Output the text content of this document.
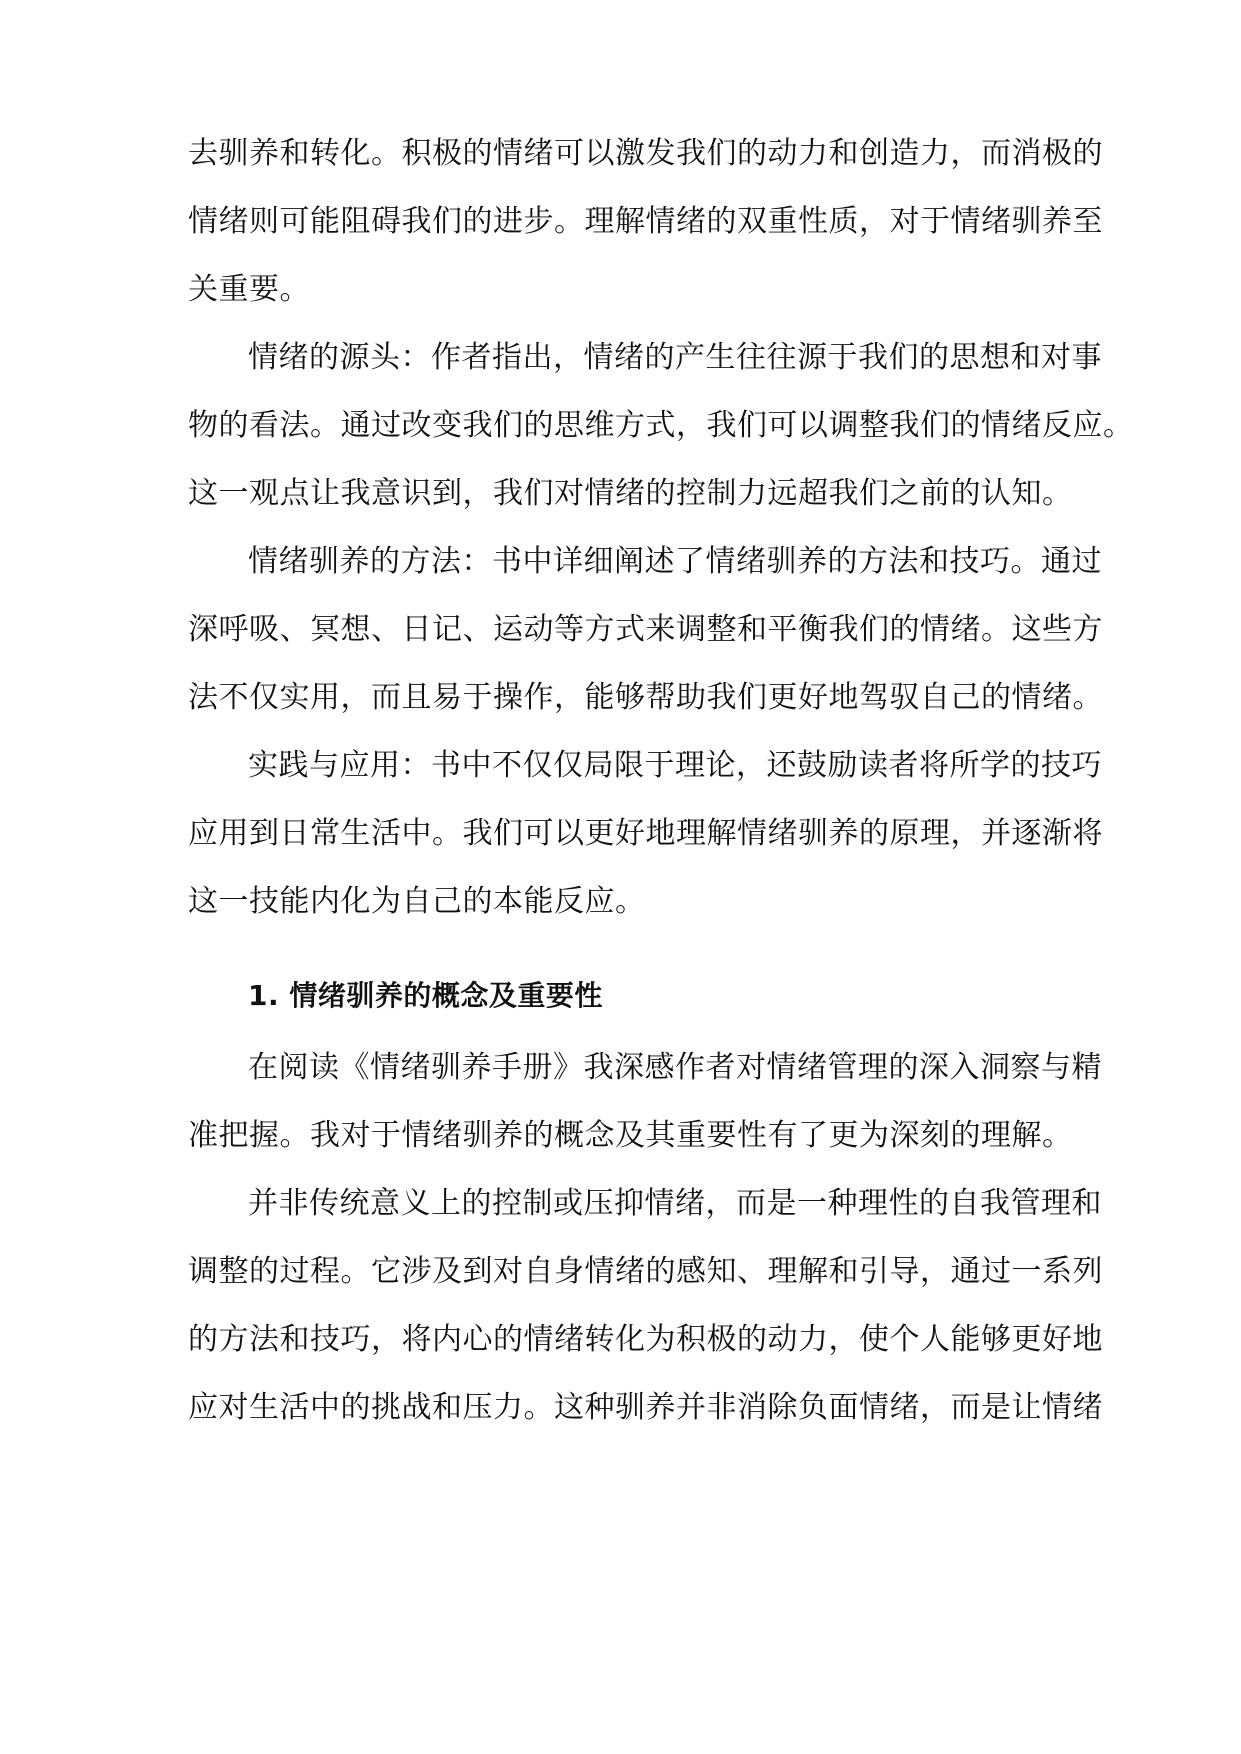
去驯养和转化。积极的情绪可以激发我们的动力和创造力，而消极的
情绪则可能阻碍我们的进步。理解情绪的双重性质，对于情绪驯养至
关重要。
情绪的源头：作者指出，情绪的产生往往源于我们的思想和对事
物的看法。通过改变我们的思维方式，我们可以调整我们的情绪反应。
这一观点让我意识到，我们对情绪的控制力远超我们之前的认知。
情绪驯养的方法：书中详细阐述了情绪驯养的方法和技巧。通过
深呼吸、冥想、日记、运动等方式来调整和平衡我们的情绪。这些方
法不仅实用，而且易于操作，能够帮助我们更好地驾驭自己的情绪。
实践与应用：书中不仅仅局限于理论，还鼓励读者将所学的技巧
应用到日常生活中。我们可以更好地理解情绪驯养的原理，并逐渐将
这一技能内化为自己的本能反应。
1. 情绪驯养的概念及重要性
在阅读《情绪驯养手册》我深感作者对情绪管理的深入洞察与精
准把握。我对于情绪驯养的概念及其重要性有了更为深刻的理解。
并非传统意义上的控制或压抑情绪，而是一种理性的自我管理和
调整的过程。它涉及到对自身情绪的感知、理解和引导，通过一系列
的方法和技巧，将内心的情绪转化为积极的动力，使个人能够更好地
应对生活中的挑战和压力。这种驯养并非消除负面情绪，而是让情绪
